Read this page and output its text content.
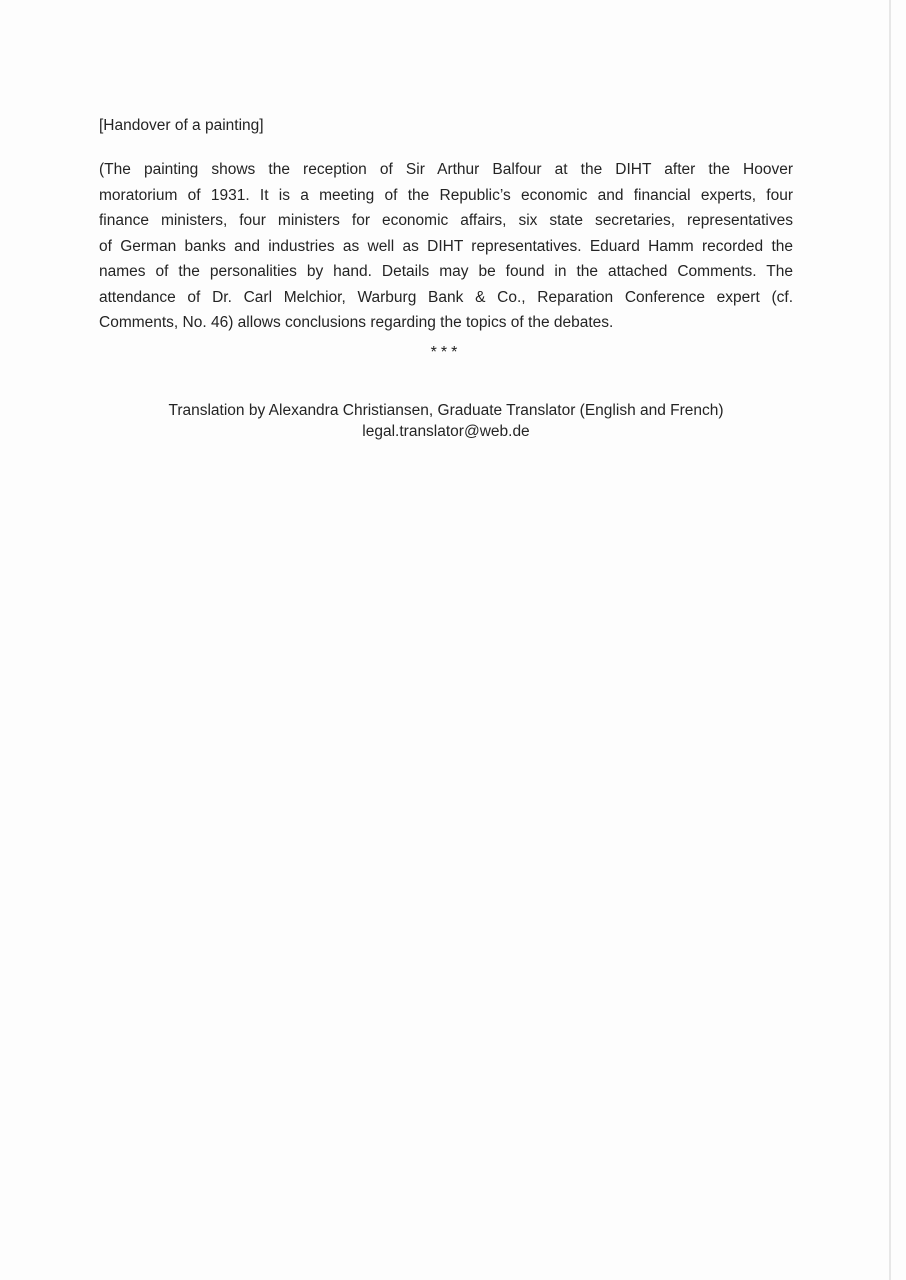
[Handover of a painting]

(The painting shows the reception of Sir Arthur Balfour at the DIHT after the Hoover
moratorium of 1931. It is a meeting of the Republic’s economic and financial experts, four
finance ministers, four ministers for economic affairs, six state secretaries, representatives
of German banks and industries as well as DIHT representatives. Eduard Hamm recorded the
names of the personalities by hand. Details may be found in the attached Comments. The
attendance of Dr. Carl Melchior, Warburg Bank & Co., Reparation Conference expert (cf.
Comments, No. 46) allows conclusions regarding the topics of the debates.
***
Translation by Alexandra Christiansen, Graduate Translator (English and French)
legal.translator@web.de
